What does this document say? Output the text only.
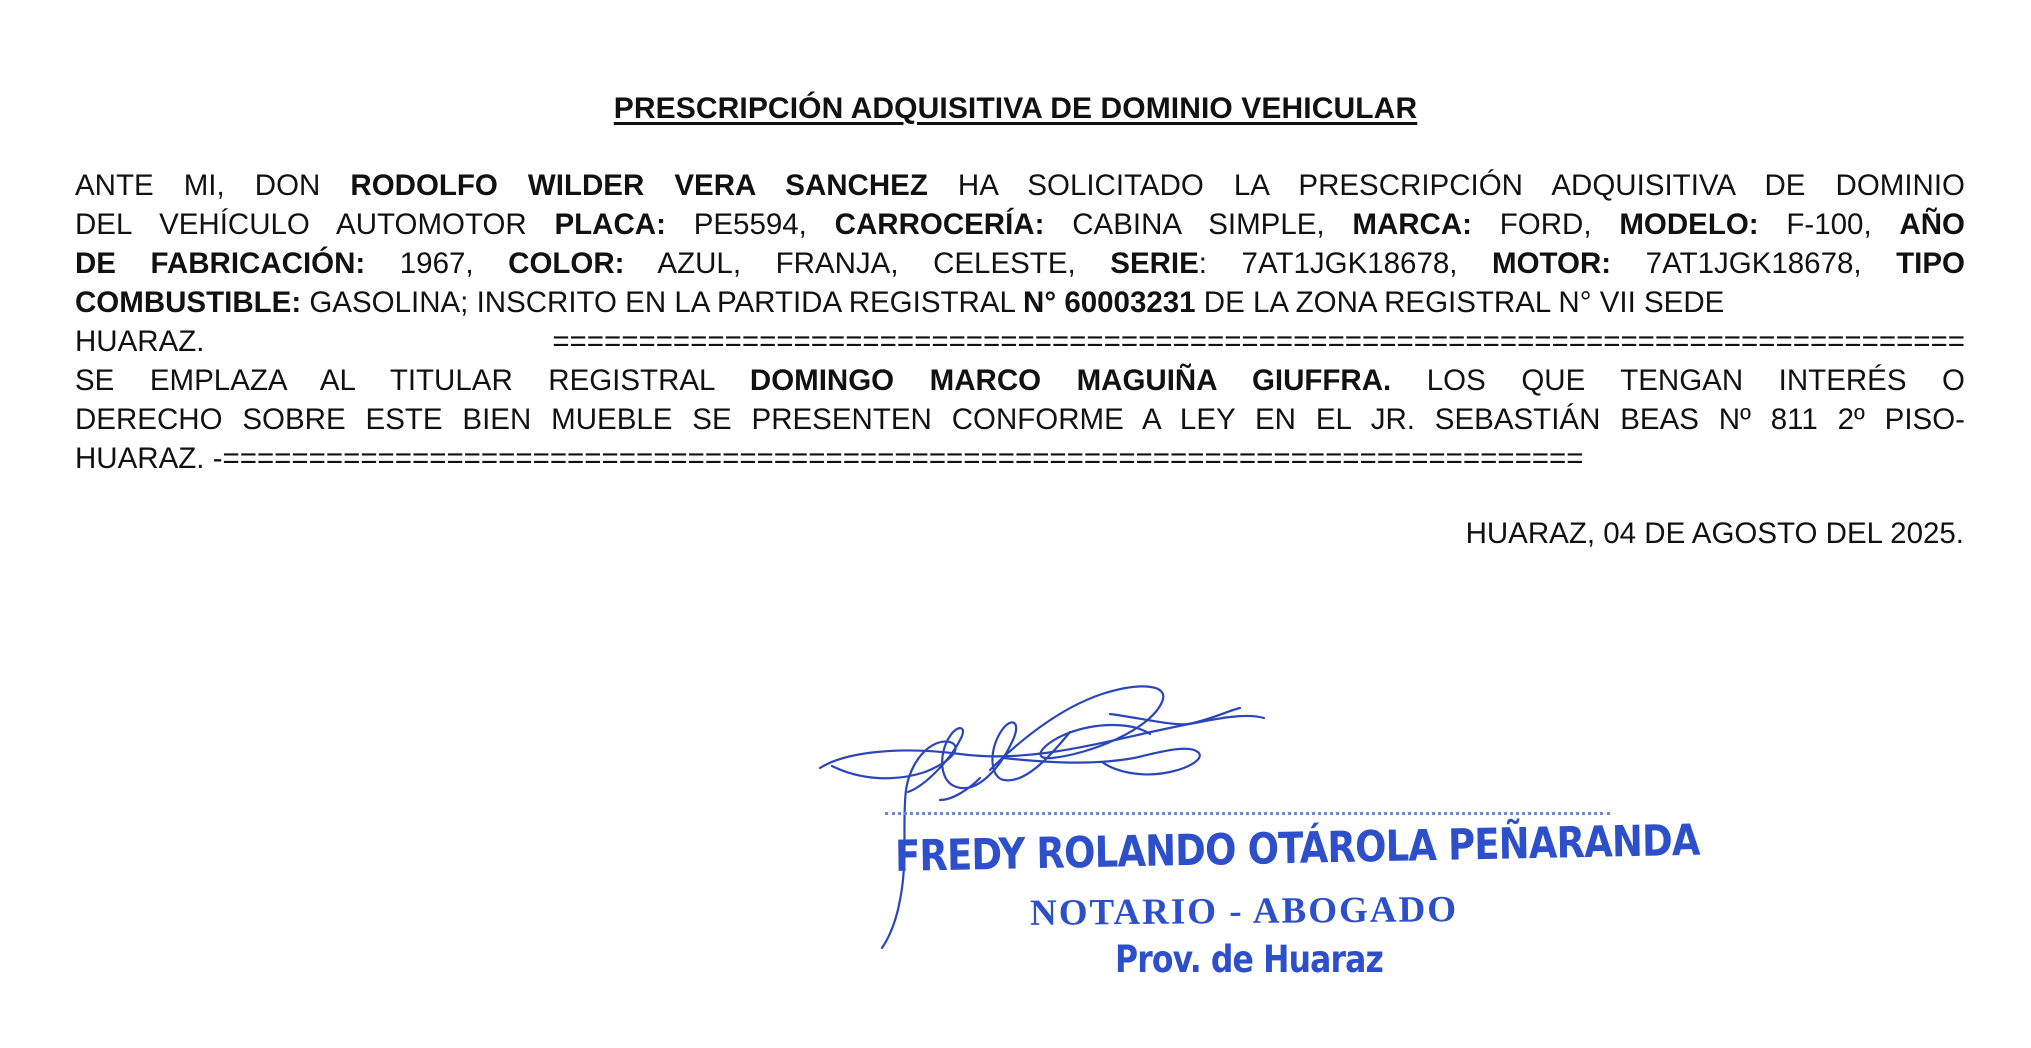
PRESCRIPCIÓN ADQUISITIVA DE DOMINIO VEHICULAR
ANTE MI, DON RODOLFO WILDER VERA SANCHEZ HA SOLICITADO LA PRESCRIPCIÓN ADQUISITIVA DE DOMINIO
DEL VEHÍCULO AUTOMOTOR PLACA: PE5594, CARROCERÍA: CABINA SIMPLE, MARCA: FORD, MODELO: F-100, AÑO
DE FABRICACIÓN: 1967, COLOR: AZUL, FRANJA, CELESTE, SERIE: 7AT1JGK18678, MOTOR: 7AT1JGK18678, TIPO
COMBUSTIBLE: GASOLINA; INSCRITO EN LA PARTIDA REGISTRAL N° 60003231 DE LA ZONA REGISTRAL N° VII SEDE
HUARAZ. ==================================================================================
SE EMPLAZA AL TITULAR REGISTRAL DOMINGO MARCO MAGUIÑA GIUFFRA. LOS QUE TENGAN INTERÉS O
DERECHO SOBRE ESTE BIEN MUEBLE SE PRESENTEN CONFORME A LEY EN EL JR. SEBASTIÁN BEAS Nº 811 2º PISO-
HUARAZ. -===============================================================================
HUARAZ, 04 DE AGOSTO DEL 2025.
FREDY ROLANDO OTÁROLA PEÑARANDA
NOTARIO - ABOGADO
Prov. de Huaraz
